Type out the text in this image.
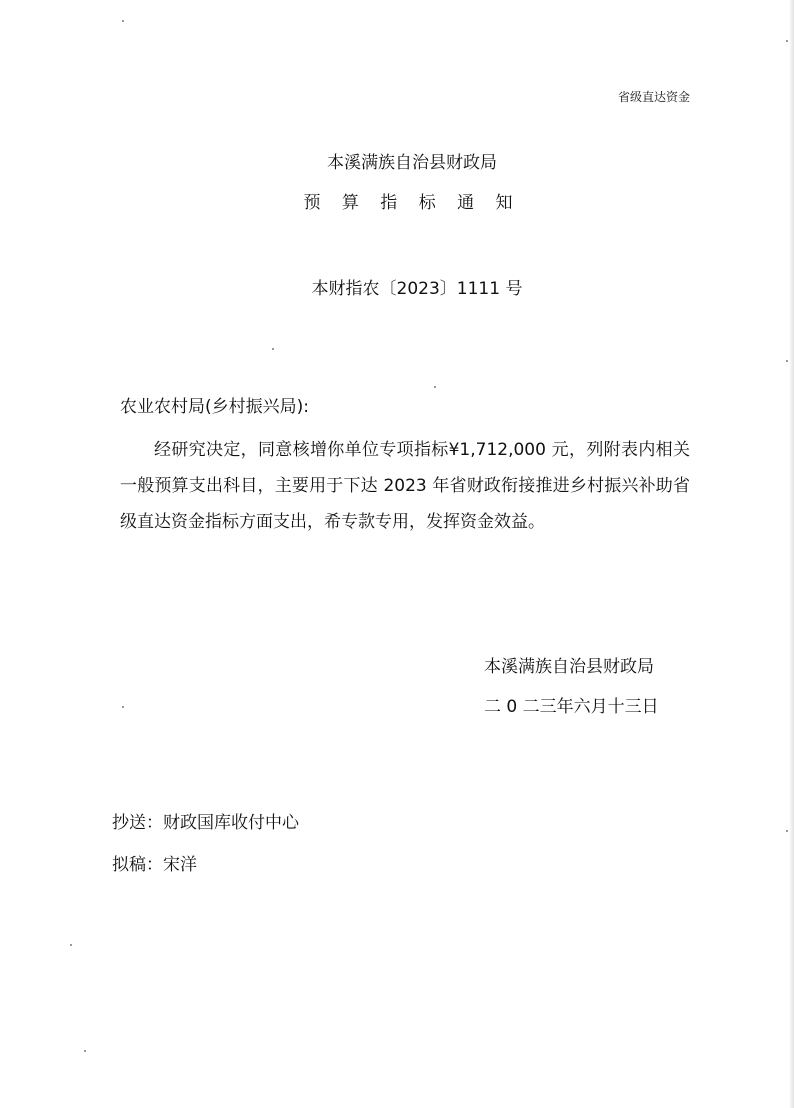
省级直达资金
本溪满族自治县财政局
预 算 指 标 通 知
本财指农〔2023〕1111 号
农业农村局(乡村振兴局):
经研究决定，同意核增你单位专项指标¥1,712,000 元，列附表内相关一般预算支出科目，主要用于下达 2023 年省财政衔接推进乡村振兴补助省级直达资金指标方面支出，希专款专用，发挥资金效益。
本溪满族自治县财政局
二 0 二三年六月十三日
抄送：财政国库收付中心
拟稿：宋洋
